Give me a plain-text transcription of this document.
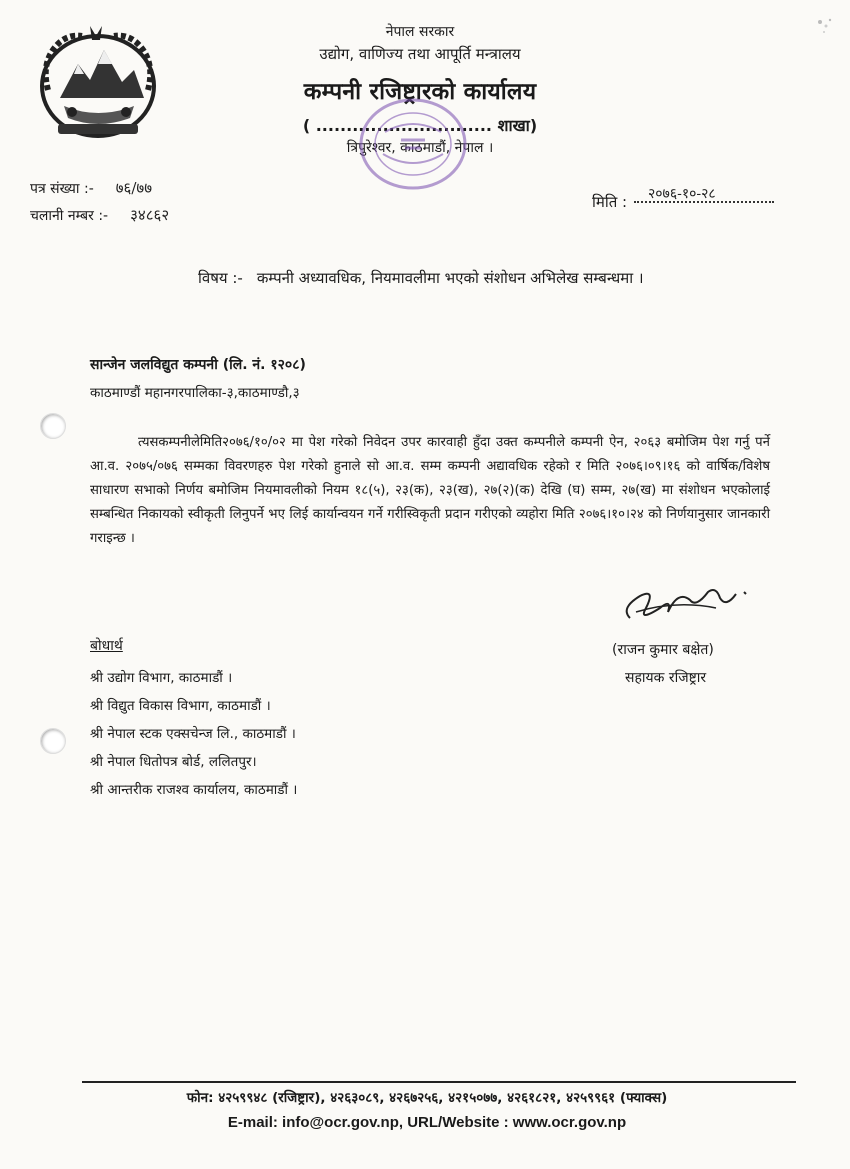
नेपाल सरकार
उद्योग, वाणिज्य तथा आपूर्ति मन्त्रालय
कम्पनी रजिष्ट्रारको कार्यालय
( ............................. शाखा)
त्रिपुरेश्वर, काठमाडौं, नेपाल ।
पत्र संख्या :- ७६/७७
चलानी नम्बर :- ३४८६२
मिति : २०७६-१०-२८
विषय :- कम्पनी अध्यावधिक, नियमावलीमा भएको संशोधन अभिलेख सम्बन्धमा ।
सान्जेन जलविद्युत कम्पनी (लि. नं. १२०८)
काठमाण्डौं महानगरपालिका-३,काठमाण्डौ,३
त्यसकम्पनीलेमिति२०७६/१०/०२ मा पेश गरेको निवेदन उपर कारवाही हुँदा उक्त कम्पनीले कम्पनी ऐन, २०६३ बमोजिम पेश गर्नु पर्ने आ.व. २०७५/०७६ सम्मका विवरणहरु पेश गरेको हुनाले सो आ.व. सम्म कम्पनी अद्यावधिक रहेको र मिति २०७६।०९।१६ को वार्षिक/विशेष साधारण सभाको निर्णय बमोजिम नियमावलीको नियम १८(५), २३(क), २३(ख), २७(२)(क) देखि (घ) सम्म, २७(ख) मा संशोधन भएकोलाई सम्बन्धित निकायको स्वीकृती लिनुपर्ने भए लिई कार्यान्वयन गर्ने गरीस्विकृती प्रदान गरीएको व्यहोरा मिति २०७६।१०।२४ को निर्णयानुसार जानकारी गराइन्छ ।
(राजन कुमार बक्षेत)
सहायक रजिष्ट्रार
बोधार्थ
श्री उद्योग विभाग, काठमाडौं ।
श्री विद्युत विकास विभाग, काठमाडौं ।
श्री नेपाल स्टक एक्सचेन्ज लि., काठमाडौं ।
श्री नेपाल धितोपत्र बोर्ड, ललितपुर।
श्री आन्तरीक राजश्व कार्यालय, काठमाडौं ।
फोन: ४२५९९४८ (रजिष्ट्रार), ४२६३०८९, ४२६७२५६, ४२१५०७७, ४२६१८२१, ४२५९९६१ (फ्याक्स)
E-mail: info@ocr.gov.np, URL/Website : www.ocr.gov.np
